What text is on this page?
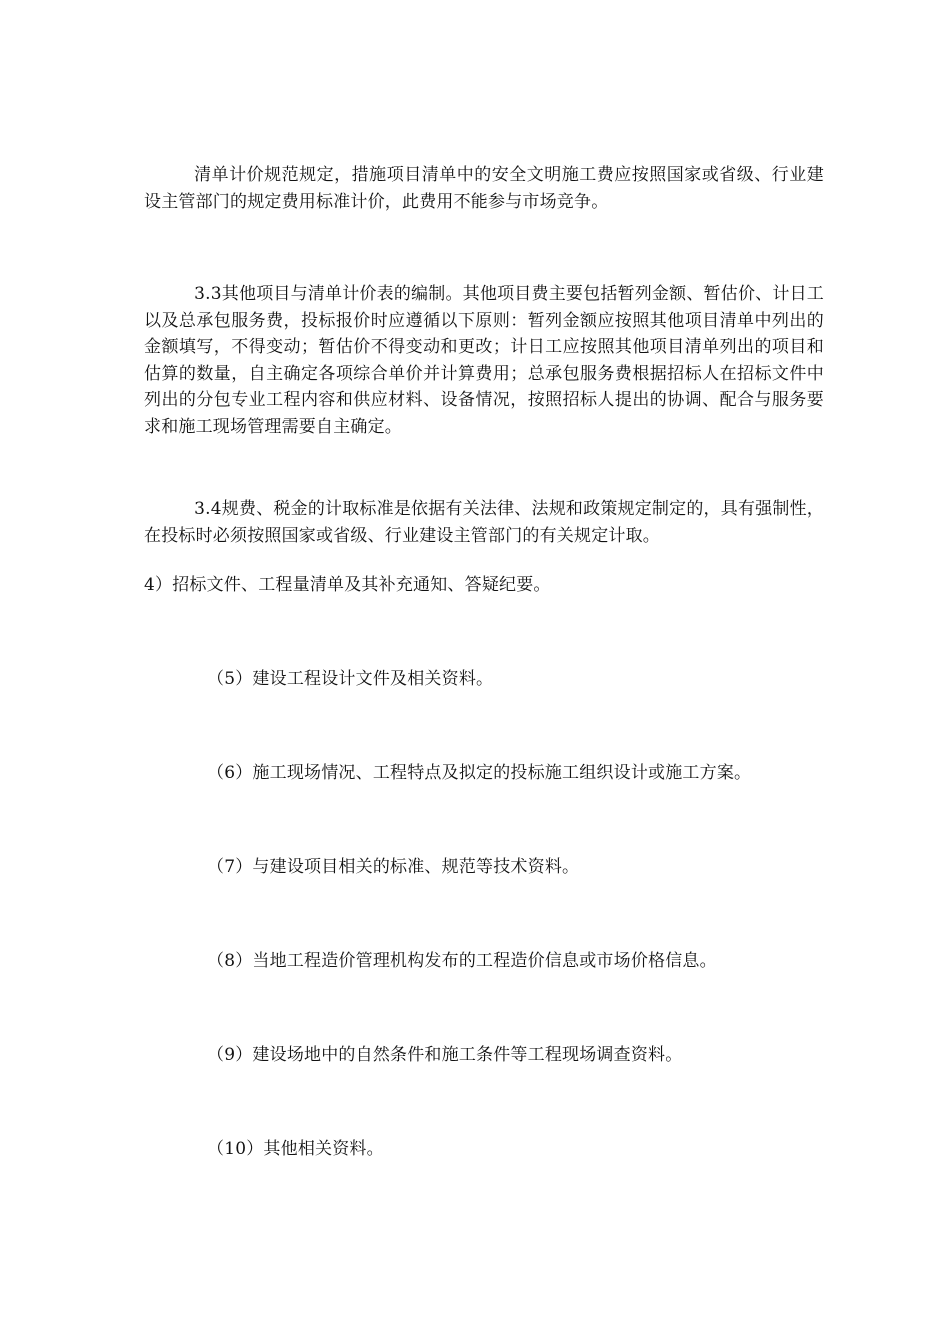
清单计价规范规定，措施项目清单中的安全文明施工费应按照国家或省级、行业建设主管部门的规定费用标准计价，此费用不能参与市场竞争。

3.3其他项目与清单计价表的编制。其他项目费主要包括暂列金额、暂估价、计日工以及总承包服务费，投标报价时应遵循以下原则：暂列金额应按照其他项目清单中列出的金额填写，不得变动；暂估价不得变动和更改；计日工应按照其他项目清单列出的项目和估算的数量，自主确定各项综合单价并计算费用；总承包服务费根据招标人在招标文件中列出的分包专业工程内容和供应材料、设备情况，按照招标人提出的协调、配合与服务要求和施工现场管理需要自主确定。

3.4规费、税金的计取标准是依据有关法律、法规和政策规定制定的，具有强制性，在投标时必须按照国家或省级、行业建设主管部门的有关规定计取。

4）招标文件、工程量清单及其补充通知、答疑纪要。

（5）建设工程设计文件及相关资料。

（6）施工现场情况、工程特点及拟定的投标施工组织设计或施工方案。

（7）与建设项目相关的标准、规范等技术资料。

（8）当地工程造价管理机构发布的工程造价信息或市场价格信息。

（9）建设场地中的自然条件和施工条件等工程现场调查资料。

（10）其他相关资料。
